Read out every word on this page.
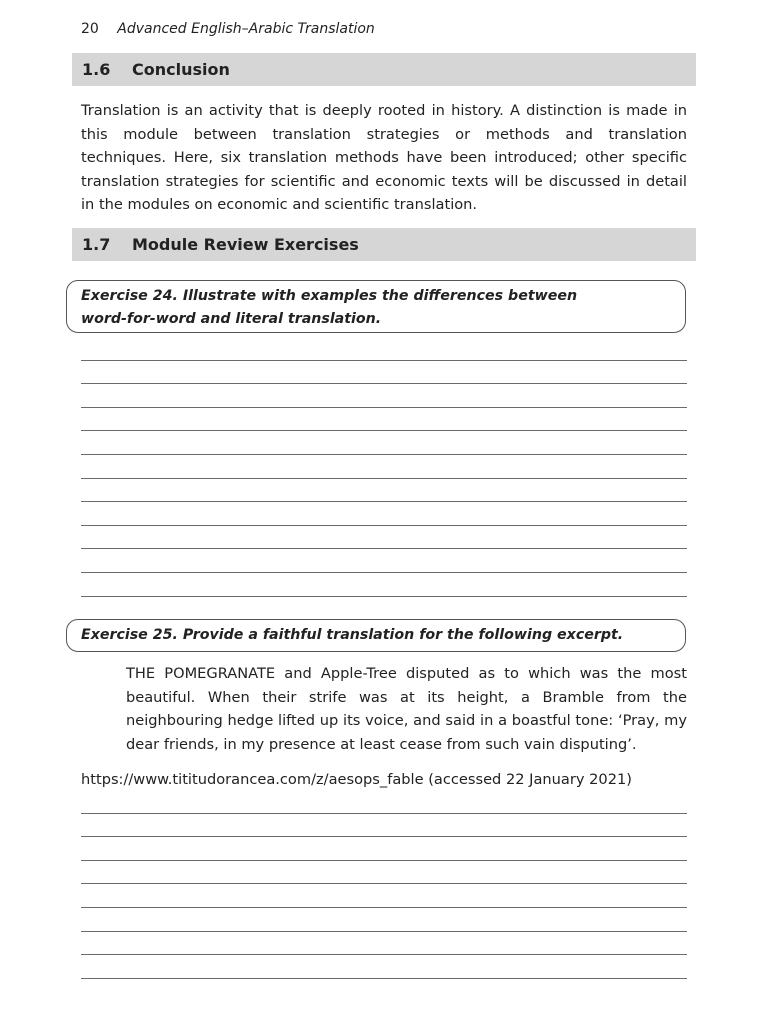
20 Advanced English–Arabic Translation
1.6 Conclusion
Translation is an activity that is deeply rooted in history. A distinction is made in this module between translation strategies or methods and translation techniques. Here, six translation methods have been introduced; other specific translation strategies for scientific and economic texts will be discussed in detail in the modules on economic and scientific translation.
1.7 Module Review Exercises
Exercise 24. Illustrate with examples the differences between word-for-word and literal translation.
Exercise 25. Provide a faithful translation for the following excerpt.
THE POMEGRANATE and Apple-Tree disputed as to which was the most beautiful. When their strife was at its height, a Bramble from the neighbouring hedge lifted up its voice, and said in a boastful tone: ‘Pray, my dear friends, in my presence at least cease from such vain disputing’.
https://www.tititudorancea.com/z/aesops_fable (accessed 22 January 2021)
